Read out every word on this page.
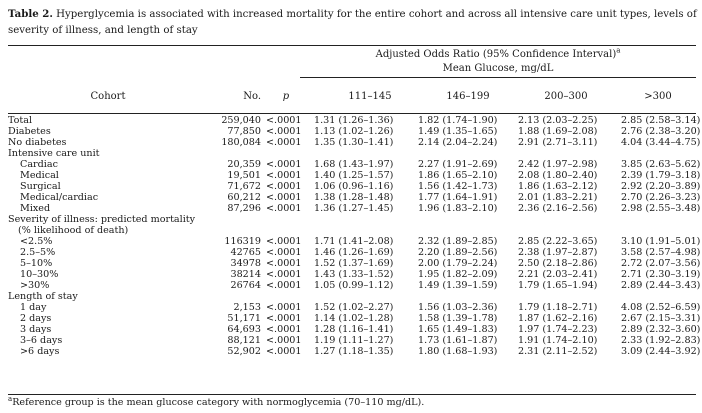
Table 2. Hyperglycemia is associated with increased mortality for the entire cohort and across all intensive care unit types, levels of severity of illness, and length of stay
Adjusted Odds Ratio (95% Confidence Interval)$^a$
Mean Glucose, mg/dL
Cohort	No.	p	111–145	146–199	200–300	>300
Total	259,040 <.0001	1.31 (1.26–1.36)	1.82 (1.74–1.90) 2.13 (2.03–2.25) 2.85 (2.58–3.14)
Diabetes	77,850 <.0001	1.13 (1.02–1.26)	1.49 (1.35–1.65) 1.88 (1.69–2.08) 2.76 (2.38–3.20)
No diabetes	180,084 <.0001	1.35 (1.30–1.41)	2.14 (2.04–2.24) 2.91 (2.71–3.11) 4.04 (3.44–4.75)
Intensive care unit
Cardiac	20,359 <.0001	1.68 (1.43–1.97)	2.27 (1.91–2.69) 2.42 (1.97–2.98) 3.85 (2.63–5.62)
Medical	19,501 <.0001	1.40 (1.25–1.57)	1.86 (1.65–2.10) 2.08 (1.80–2.40) 2.39 (1.79–3.18)
Surgical	71,672 <.0001	1.06 (0.96–1.16)	1.56 (1.42–1.73) 1.86 (1.63–2.12) 2.92 (2.20–3.89)
Medical/cardiac	60,212 <.0001	1.38 (1.28–1.48)	1.77 (1.64–1.91) 2.01 (1.83–2.21) 2.70 (2.26–3.23)
Mixed	87,296 <.0001	1.36 (1.27–1.45)	1.96 (1.83–2.10) 2.36 (2.16–2.56) 2.98 (2.55–3.48)
Severity of illness: predicted mortality
(% likelihood of death)
<2.5%	116319 <.0001	1.71 (1.41–2.08)	2.32 (1.89–2.85) 2.85 (2.22–3.65) 3.10 (1.91–5.01)
2.5–5%	42765 <.0001	1.46 (1.26–1.69)	2.20 (1.89–2.56) 2.38 (1.97–2.87) 3.58 (2.57–4.98)
5–10%	34978 <.0001	1.52 (1.37–1.69)	2.00 (1.79–2.24) 2.50 (2.18–2.86) 2.72 (2.07–3.56)
10–30%	38214 <.0001	1.43 (1.33–1.52)	1.95 (1.82–2.09) 2.21 (2.03–2.41) 2.71 (2.30–3.19)
>30%	26764 <.0001	1.05 (0.99–1.12)	1.49 (1.39–1.59) 1.79 (1.65–1.94) 2.89 (2.44–3.43)
Length of stay
1 day	2,153 <.0001	1.52 (1.02–2.27)	1.56 (1.03–2.36) 1.79 (1.18–2.71) 4.08 (2.52–6.59)
2 days	51,171 <.0001	1.14 (1.02–1.28)	1.58 (1.39–1.78) 1.87 (1.62–2.16) 2.67 (2.15–3.31)
3 days	64,693 <.0001	1.28 (1.16–1.41)	1.65 (1.49–1.83) 1.97 (1.74–2.23) 2.89 (2.32–3.60)
3–6 days	88,121 <.0001	1.19 (1.11–1.27)	1.73 (1.61–1.87) 1.91 (1.74–2.10) 2.33 (1.92–2.83)
>6 days	52,902 <.0001	1.27 (1.18–1.35)	1.80 (1.68–1.93) 2.31 (2.11–2.52) 3.09 (2.44–3.92)
$^a$Reference group is the mean glucose category with normoglycemia (70–110 mg/dL).
